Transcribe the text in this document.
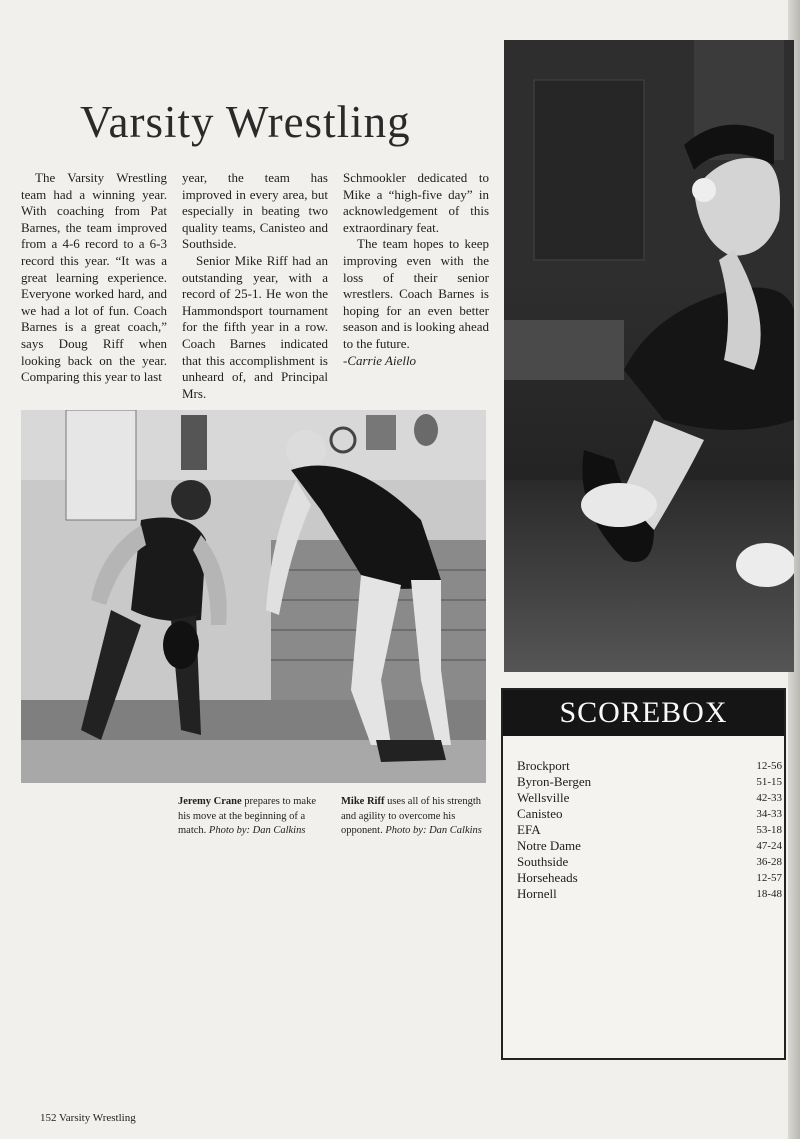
Varsity Wrestling

The Varsity Wrestling team had a winning year. With coaching from Pat Barnes, the team improved from a 4-6 record to a 6-3 record this year. “It was a great learning experience. Everyone worked hard, and we had a lot of fun. Coach Barnes is a great coach,” says Doug Riff when looking back on the year. Comparing this year to last

year, the team has improved in every area, but especially in beating two quality teams, Canisteo and Southside.

Senior Mike Riff had an outstanding year, with a record of 25-1. He won the Hammondsport tournament for the fifth year in a row. Coach Barnes indicated that this accomplishment is unheard of, and Principal Mrs.

Schmookler dedicated to Mike a “high-five day” in acknowledgement of this extraordinary feat.

The team hopes to keep improving even with the loss of their senior wrestlers. Coach Barnes is hoping for an even better season and is looking ahead to the future.

-Carrie Aiello
Jeremy Crane prepares to make his move at the beginning of a match. Photo by: Dan Calkins
Mike Riff uses all of his strength and agility to overcome his opponent. Photo by: Dan Calkins
SCOREBOX
Brockport	12-56
Byron-Bergen	51-15
Wellsville	42-33
Canisteo	34-33
EFA	53-18
Notre Dame	47-24
Southside	36-28
Horseheads	12-57
Hornell	18-48
152 Varsity Wrestling
